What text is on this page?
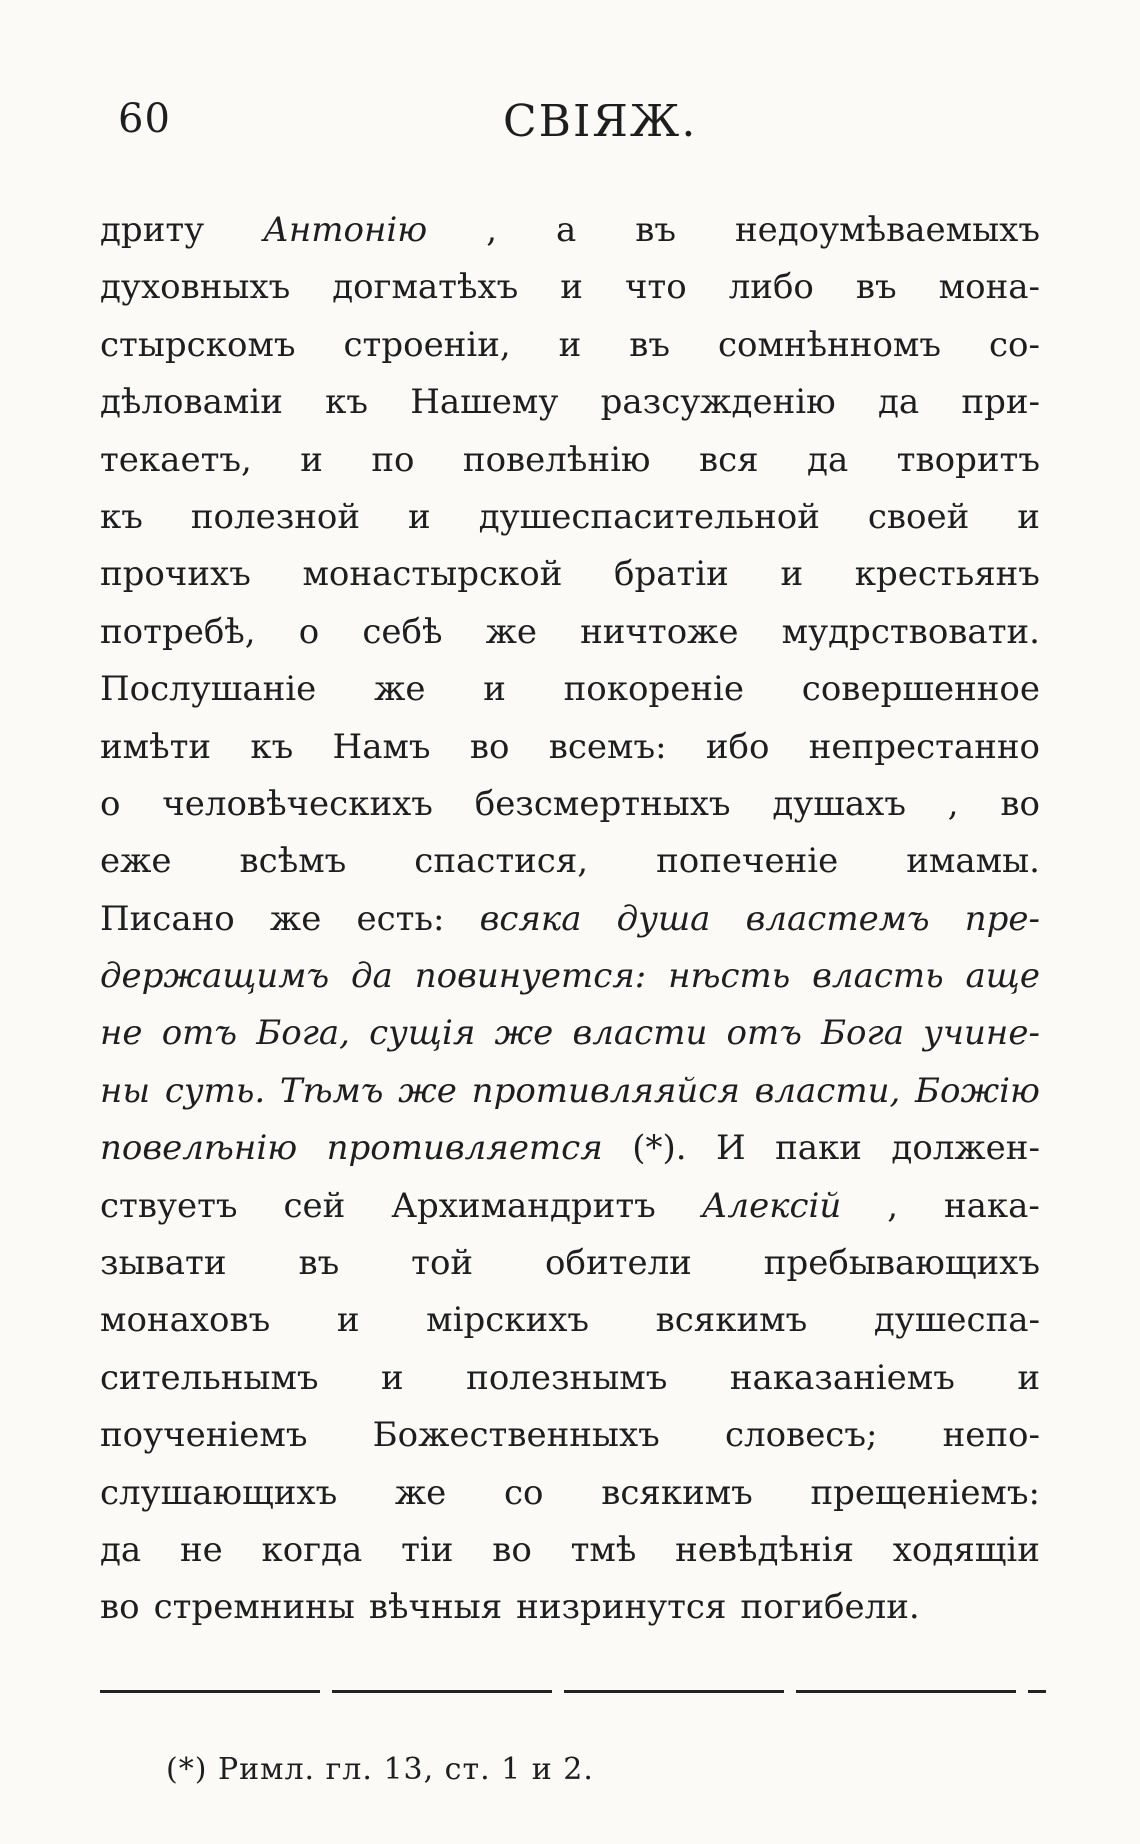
60	СВІЯЖ.
дриту Антонію , а въ недоумѣваемыхъ
духовныхъ догматѣхъ и что либо въ мона-
стырскомъ строеніи, и въ сомнѣнномъ со-
дѣловаміи къ Нашему разсужденію да при-
текаетъ, и по повелѣнію вся да творитъ
къ полезной и душеспасительной своей и
прочихъ монастырской братіи и крестьянъ
потребѣ, о себѣ же ничтоже мудрствовати.
Послушаніе же и покореніе совершенное
имѣти къ Намъ во всемъ: ибо непрестанно
о человѣческихъ безсмертныхъ душахъ , во
еже всѣмъ спастися, попеченіе имамы.
Писано же есть: всяка душа властемъ пре-
держащимъ да повинуется: нѣсть власть аще
не отъ Бога, сущія же власти отъ Бога учине-
ны суть. Тѣмъ же противляяйся власти, Божію
повелѣнію противляется (*). И паки должен-
ствуетъ сей Архимандритъ Алексій , нака-
зывати въ той обители пребывающихъ
монаховъ и мірскихъ всякимъ душеспа-
сительнымъ и полезнымъ наказаніемъ и
поученіемъ Божественныхъ словесъ; непо-
слушающихъ же со всякимъ прещеніемъ:
да не когда тіи во тмѣ невѣдѣнія ходящіи
во стремнины вѣчныя низринутся погибели.
(*) Римл. гл. 13, ст. 1 и 2.
